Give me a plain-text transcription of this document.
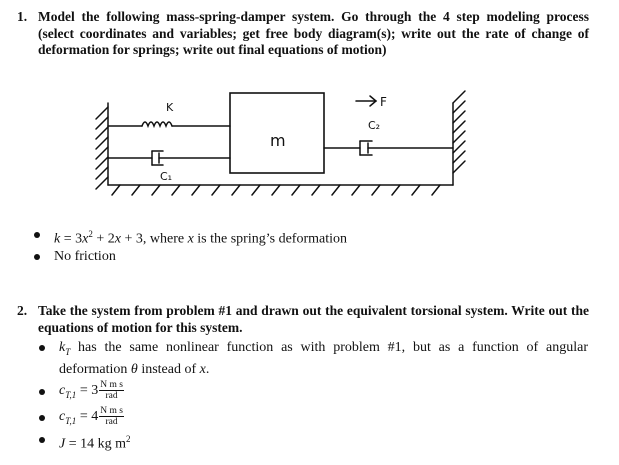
1. Model the following mass-spring-damper system. Go through the 4 step modeling process (select coordinates and variables; get free body diagram(s); write out the rate of change of deformation for springs; write out final equations of motion)
K
m
F
C₁
C₂
$k = 3x^2 + 2x + 3$, where x is the spring’s deformation
No friction
2. Take the system from problem #1 and drawn out the equivalent torsional system. Write out the equations of motion for this system.
$k_T$ has the same nonlinear function as with problem #1, but as a function of angular deformation θ instead of x.
$c_{T,1} = 3 \frac{\text{N m s}}{\text{rad}}$
$c_{T,1} = 4 \frac{\text{N m s}}{\text{rad}}$
J = 14 kg $m^2$
